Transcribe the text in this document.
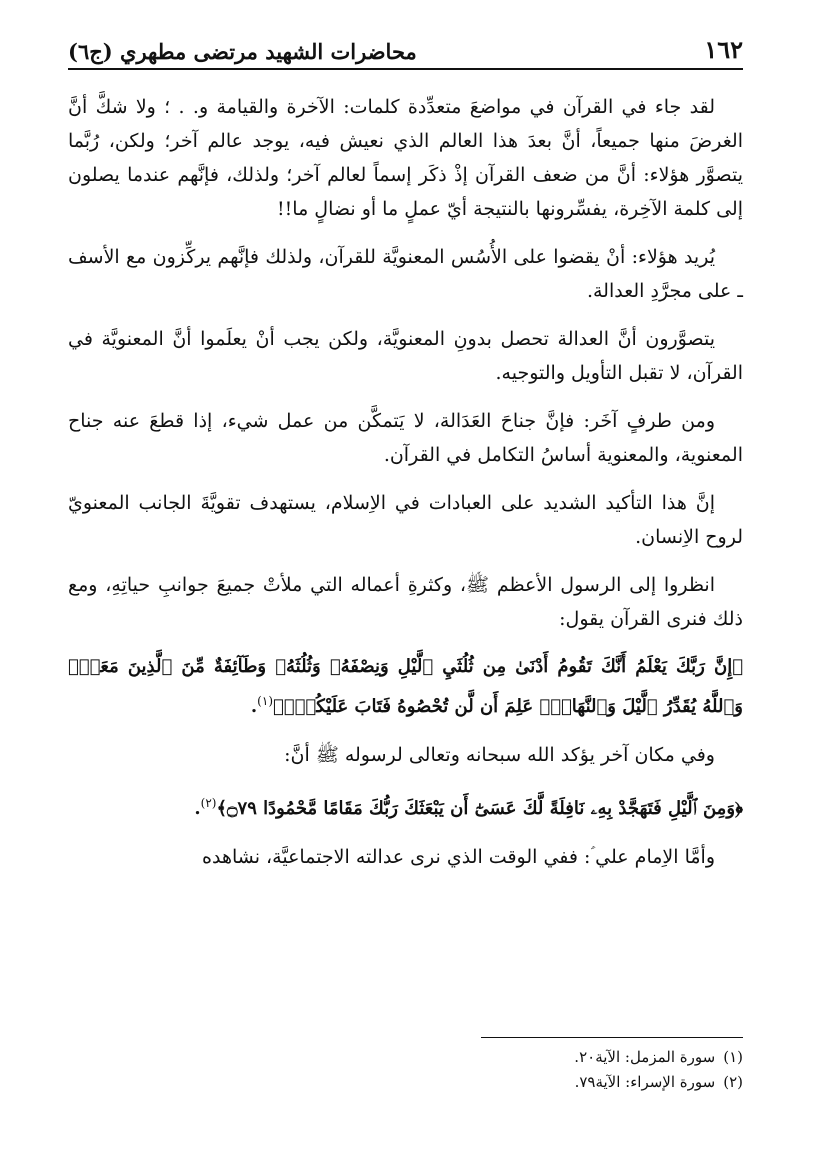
١٦٢
محاضرات الشهيد مرتضى مطهري (ج٦)

لقد جاء في القرآن في مواضعَ متعدِّدة كلمات: الآخرة والقيامة و. . ؛ ولا شكَّ أنَّ الغرضَ منها جميعاً، أنَّ بعدَ هذا العالم الذي نعيش فيه، يوجد عالم آخر؛ ولكن، رُبَّما يتصوَّر هؤلاء: أنَّ من ضعف القرآن إذْ ذكَر إسماً لعالم آخر؛ ولذلك، فإنَّهم عندما يصلون إلى كلمة الآخِرة، يفسِّرونها بالنتيجة أيّ عملٍ ما أو نضالٍ ما!!

يُريد هؤلاء: أنْ يقضوا على الأُسُس المعنويَّة للقرآن، ولذلك فإنَّهم يركِّزون مع الأسف ـ على مجرَّدِ العدالة.

يتصوَّرون أنَّ العدالة تحصل بدونِ المعنويَّة، ولكن يجب أنْ يعلَموا أنَّ المعنويَّة في القرآن، لا تقبل التأويل والتوجيه.

ومن طرفٍ آخَر: فإنَّ جناحَ العَدَالة، لا يَتمكَّن من عمل شيء، إذا قطعَ عنه جناح المعنوية، والمعنوية أساسُ التكامل في القرآن.

إنَّ هذا التأكيد الشديد على العبادات في الاِسلام، يستهدف تقويَّةَ الجانب المعنويّ لروح الاِنسان.

انظروا إلى الرسول الأعظم ﷺ، وكثرةِ أعماله التي ملأتْ جميعَ جوانبِ حياتِهِ، ومع ذلك فنرى القرآن يقول:

﴿إِنَّ رَبَّكَ يَعْلَمُ أَنَّكَ تَقُومُ أَدْنَىٰ مِن ثُلُثَيِ ٱلَّيْلِ وَنِصْفَهُۥ وَثُلُثَهُۥ وَطَآئِفَةٌ مِّنَ ٱلَّذِينَ مَعَكَۚ وَٱللَّهُ يُقَدِّرُ ٱلَّيْلَ وَٱلنَّهَارَۚ عَلِمَ أَن لَّن تُحْصُوهُ فَتَابَ عَلَيْكُمْۖ﴾$^{(١)}$.

وفي مكان آخر يؤكد الله سبحانه وتعالى لرسوله ﷺ أنَّ:

﴿وَمِنَ ٱلَّيْلِ فَتَهَجَّدْ بِهِۦ نَافِلَةً لَّكَ عَسَىٰٓ أَن يَبْعَثَكَ رَبُّكَ مَقَامًا مَّحْمُودًا ۝٧٩﴾$^{(٢)}$.

وأمَّا الاِمام علي ؑ: ففي الوقت الذي نرى عدالته الاجتماعيَّة، نشاهده

(١)سورة المزمل: الآية٢٠.
(٢)سورة الإسراء: الآية٧٩.
